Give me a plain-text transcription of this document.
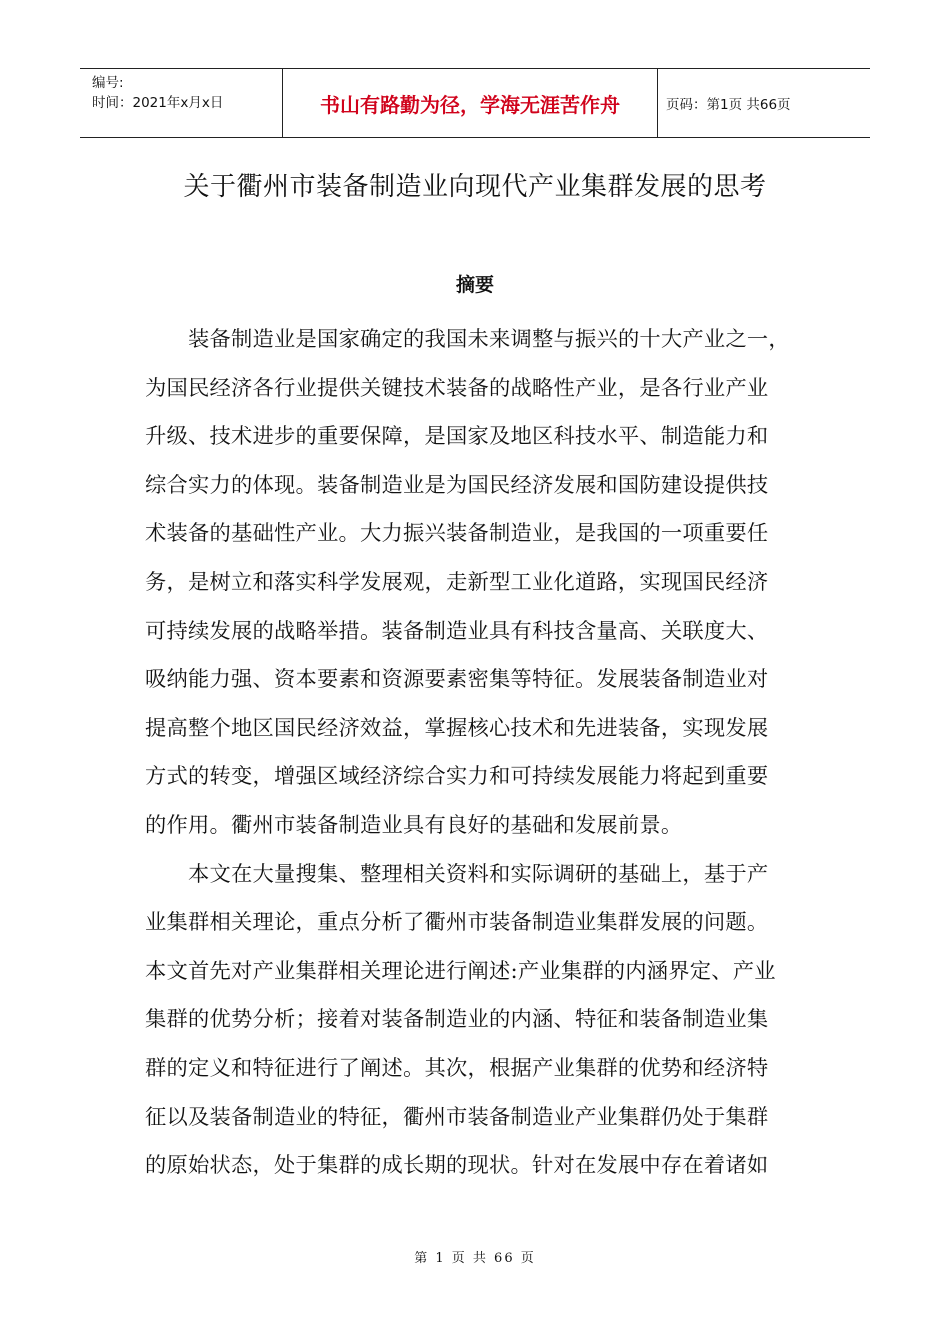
编号:
时间：2021年x月x日	书山有路勤为径，学海无涯苦作舟	页码：第1页 共66页
关于衢州市装备制造业向现代产业集群发展的思考
摘要
装备制造业是国家确定的我国未来调整与振兴的十大产业之一，
为国民经济各行业提供关键技术装备的战略性产业，是各行业产业
升级、技术进步的重要保障，是国家及地区科技水平、制造能力和
综合实力的体现。装备制造业是为国民经济发展和国防建设提供技
术装备的基础性产业。大力振兴装备制造业，是我国的一项重要任
务，是树立和落实科学发展观，走新型工业化道路，实现国民经济
可持续发展的战略举措。装备制造业具有科技含量高、关联度大、
吸纳能力强、资本要素和资源要素密集等特征。发展装备制造业对
提高整个地区国民经济效益，掌握核心技术和先进装备，实现发展
方式的转变，增强区域经济综合实力和可持续发展能力将起到重要
的作用。衢州市装备制造业具有良好的基础和发展前景。
本文在大量搜集、整理相关资料和实际调研的基础上，基于产
业集群相关理论，重点分析了衢州市装备制造业集群发展的问题。
本文首先对产业集群相关理论进行阐述:产业集群的内涵界定、产业
集群的优势分析；接着对装备制造业的内涵、特征和装备制造业集
群的定义和特征进行了阐述。其次，根据产业集群的优势和经济特
征以及装备制造业的特征，衢州市装备制造业产业集群仍处于集群
的原始状态，处于集群的成长期的现状。针对在发展中存在着诸如
第 1 页 共 66 页
